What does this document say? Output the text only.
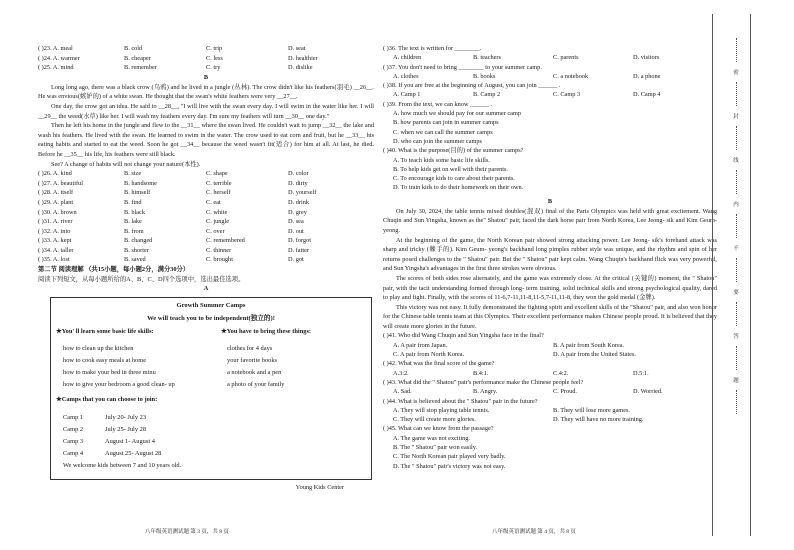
( )23. A. meal	B. cold	C. trip	D. seat
( )24. A. warmer	B. cheaper	C. less	D. healthier
( )25. A. mind	B. remember	C. try	D. dislike
B

Long long ago, there was a black crow (乌鸦) and he lived in a jungle (丛林). The crow didn't like his feathers(羽毛) __26__. He was envious(嫉妒的) of a white swan. He thought that the swan's white feathers were very __27__.

One day, the crow got an idea. He said to __28__, "I will live with the swan every day. I will swim in the water like her. I will __29__ the weed(水草) like her. I will wash my feathers every day. I'm sure my feathers will turn __30__ one day."

Then he left his home in the jungle and flew to the __31__ where the swan lived. He couldn't wait to jump __32__ the lake and wash his feathers. He lived with the swan. He learned to swim in the water. The crow used to eat corn and fruit, but he __33__ his eating habits and started to eat the weed. Soon he got __34__ because the weed wasn't fit(适合) for him at all. At last, he died. Before he __35__ his life, his feathers were still black.

See? A change of habits will not change your nature(本性).

( )26. A. kind	B. size	C. shape	D. color
( )27. A. beautiful	B. handsome	C. terrible	D. dirty
( )28. A. itself	B. himself	C. herself	D. yourself
( )29. A. plant	B. find	C. eat	D. drink
( )30. A. brown	B. black	C. white	D. grey
( )31. A. river	B. lake	C. jungle	D. sea
( )32. A. into	B. from	C. over	D. out
( )33. A. kept	B. changed	C. remembered	D. forgot
( )34. A. taller	B. shorter	C. thinner	D. fatter
( )35. A. lost	B. saved	C. brought	D. got

第二节 阅读理解 （共15小题，每小题2分，满分30分）

阅读下列短文，从每小题所给的A、B、C、D四个选项中，选出最佳选项。

A
Growth Summer Camps
We will teach you to be independent(独立的)!
★You' ll learn some basic life skills:	★You have to bring these things:
how to clean up the kitchen
how to cook easy meals at home
how to make your bed in three minu
how to give your bedroom a good clean- up
clothes for 4 days
your favorite books
a notebook and a pen
a photo of your family
★Camps that you can choose to join:
Camp 1	July 20- July 23
Camp 2	July 25- July 28
Camp 3	August 1- August 4
Camp 4	August 25- August 28
We welcome kids between 7 and 10 years old.
Young Kids Center
( )36. The text is written for ________.
A. children	B. teachers	C. parents	D. visitors
( )37. You don't need to bring ________ to your summer camp.
A. clothes	B. books	C. a notebook	D. a phone
( )38. If you are free at the beginning of August, you can join ______ .
A. Camp 1	B. Camp 2	C. Camp 3	D. Camp 4
( )39. From the text, we can know ______ .
A. how much we should pay for our summer camp
B. how parents can join in summer camps
C. when we can call the summer camps
D. who can join the summer camps
( )40. What is the purpose(目的) of the summer camps?
A. To teach kids some basic life skills.
B. To help kids get on well with their parents.
C. To encourage kids to care about their parents.
D. To train kids to do their homework on their own.
B

On July 30, 2024, the table tennis mixed doubles(混双) final of the Paris Olympics was held with great excitement. Wang Chuqin and Sun Yingsha, known as the" Shatou" pair, faced the dark horse pair from North Korea, Lee Jeong- sik and Kim Geum- yeong.

At the beginning of the game, the North Korean pair showed strong attacking power. Lee Jeong- sik's forehand attack was sharp and tricky (棘手的). Kim Geum- yeong's backhand long pimples rubber style was unique, and the rhythm and spin of her returns posed challenges to the " Shatou" pair. But the " Shatou" pair kept calm. Wang Chuqin's backhand flick was very powerful, and Sun Yingsha's advantages in the first three strokes were obvious.

The scores of both sides rose alternately, and the game was extremely close. At the critical (关键的) moment, the " Shatou" pair, with the tacit understanding formed through long- term training, solid technical skills and strong psychological quality, dared to play and fight. Finally, with the scores of 11-6,7-11,11-8,11-5,7-11,11-8, they won the gold medal (金牌).

This victory was not easy. It fully demonstrated the fighting spirit and excellent skills of the "Shatou" pair, and also won honor for the Chinese table tennis team at this Olympics. Their excellent performance makes Chinese people proud. It is believed that they will create more glories in the future.

( )41. Who did Wang Chuqin and Sun Yingsha face in the final?
A. A pair from Japan.	B. A pair from South Korea.
C. A pair from North Korea.	D. A pair from the United States.
( )42. What was the final score of the game?
A.3:2.	B.4:1.	C.4:2.	D.5:1.
( )43. What did the " Shatou" pair's performance make the Chinese people feel?
A. Sad.	B. Angry.	C. Proud.	D. Worried.
( )44. What is believed about the " Shatou" pair in the future?
A. They will stop playing table tennis.	B. They will lose more games.
C. They will create more glories.	D. They will have no more training.
( )45. What can we know from the passage?
A. The game was not exciting.
B. The " Shatou" pair won easily.
C. The North Korean pair played very badly.
D. The " Shatou" pair's victory was not easy.
八年级英语测试题 第 3 页，共 8 页	八年级英语测试题 第 4 页，共 8 页
密
封
线
内
不
要
答
题
